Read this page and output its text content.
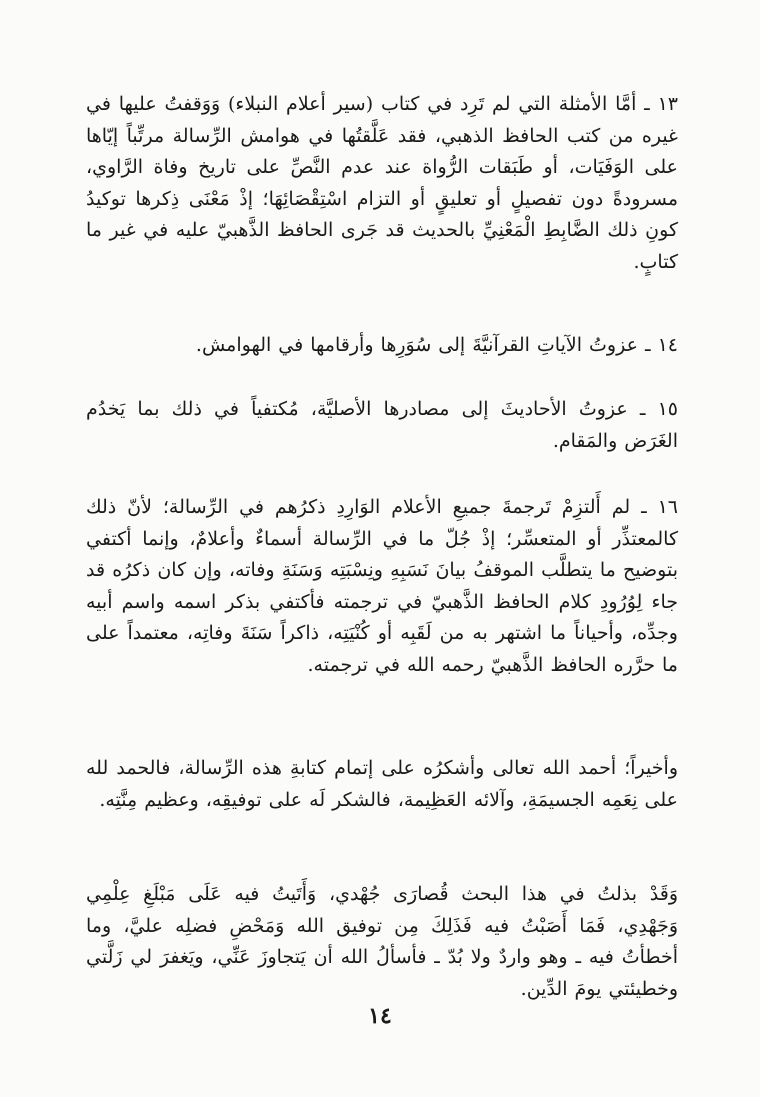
١٣ ـ أمَّا الأمثلة التي لم تَرِد في كتاب (سير أعلام النبلاء) وَوَقفتُ عليها في غيره من كتب الحافظ الذهبي، فقد عَلَّقتُها في هوامش الرِّسالة مرتِّباً إيّاها على الوَفَيَات، أو طَبَقات الرُّواة عند عدم النَّصِّ على تاريخ وفاة الرَّاوي، مسرودةً دون تفصيلٍ أو تعليقٍ أو التزام اسْتِقْصَائِهَا؛ إذْ مَعْنَى ذِكرها توكيدُ كونِ ذلك الضَّابِطِ الْمَعْنِيِّ بالحديث قد جَرى الحافظ الذَّهبيّ عليه في غير ما كتابٍ.

١٤ ـ عزوتُ الآياتِ القرآنيَّةَ إلى سُوَرِها وأرقامها في الهوامش.

١٥ ـ عزوتُ الأحاديثَ إلى مصادرها الأصليَّة، مُكتفياً في ذلك بما يَخدُم الغَرَض والمَقام.

١٦ ـ لم أَلتزِمْ تَرجمةَ جميعِ الأعلام الوَارِدِ ذكرُهم في الرِّسالة؛ لأنّ ذلك كالمعتذِّر أو المتعسِّر؛ إذْ جُلّ ما في الرِّسالة أسماءٌ وأعلامٌ، وإنما أكتفي بتوضيح ما يتطلَّب الموقفُ بيانَ نَسَبِهِ ونِسْبَتِه وَسَنَةِ وفاته، وإن كان ذكرُه قد جاء لِوُرُودِ كلام الحافظ الذَّهبيّ في ترجمته فأكتفي بذكر اسمه واسم أبيه وجدِّه، وأحياناً ما اشتهر به من لَقَبِه أو كُنْيَتِه، ذاكراً سَنَةَ وفاتِه، معتمداً على ما حرَّره الحافظ الذَّهبيّ رحمه الله في ترجمته.

وأخيراً؛ أحمد الله تعالى وأشكرُه على إتمام كتابةِ هذه الرِّسالة، فالحمد لله على نِعَمِه الجسيمَةِ، وآلائه العَظِيمة، فالشكر لَه على توفيقِه، وعظيم مِنَّتِه.

وَقَدْ بذلتُ في هذا البحث قُصارَى جُهْدي، وَأَتَيتُ فيه عَلَى مَبْلَغِ عِلْمِي وَجَهْدِي، فَمَا أَصَبْتُ فيه فَذَلِكَ مِن توفيق الله وَمَحْضِ فضلِه عليَّ، وما أخطأتُ فيه ـ وهو واردٌ ولا بُدّ ـ فأسألُ الله أن يَتجاوزَ عَنِّي، ويَغفرَ لي زَلَّتي وخطيئتي يومَ الدِّين.

١٤
